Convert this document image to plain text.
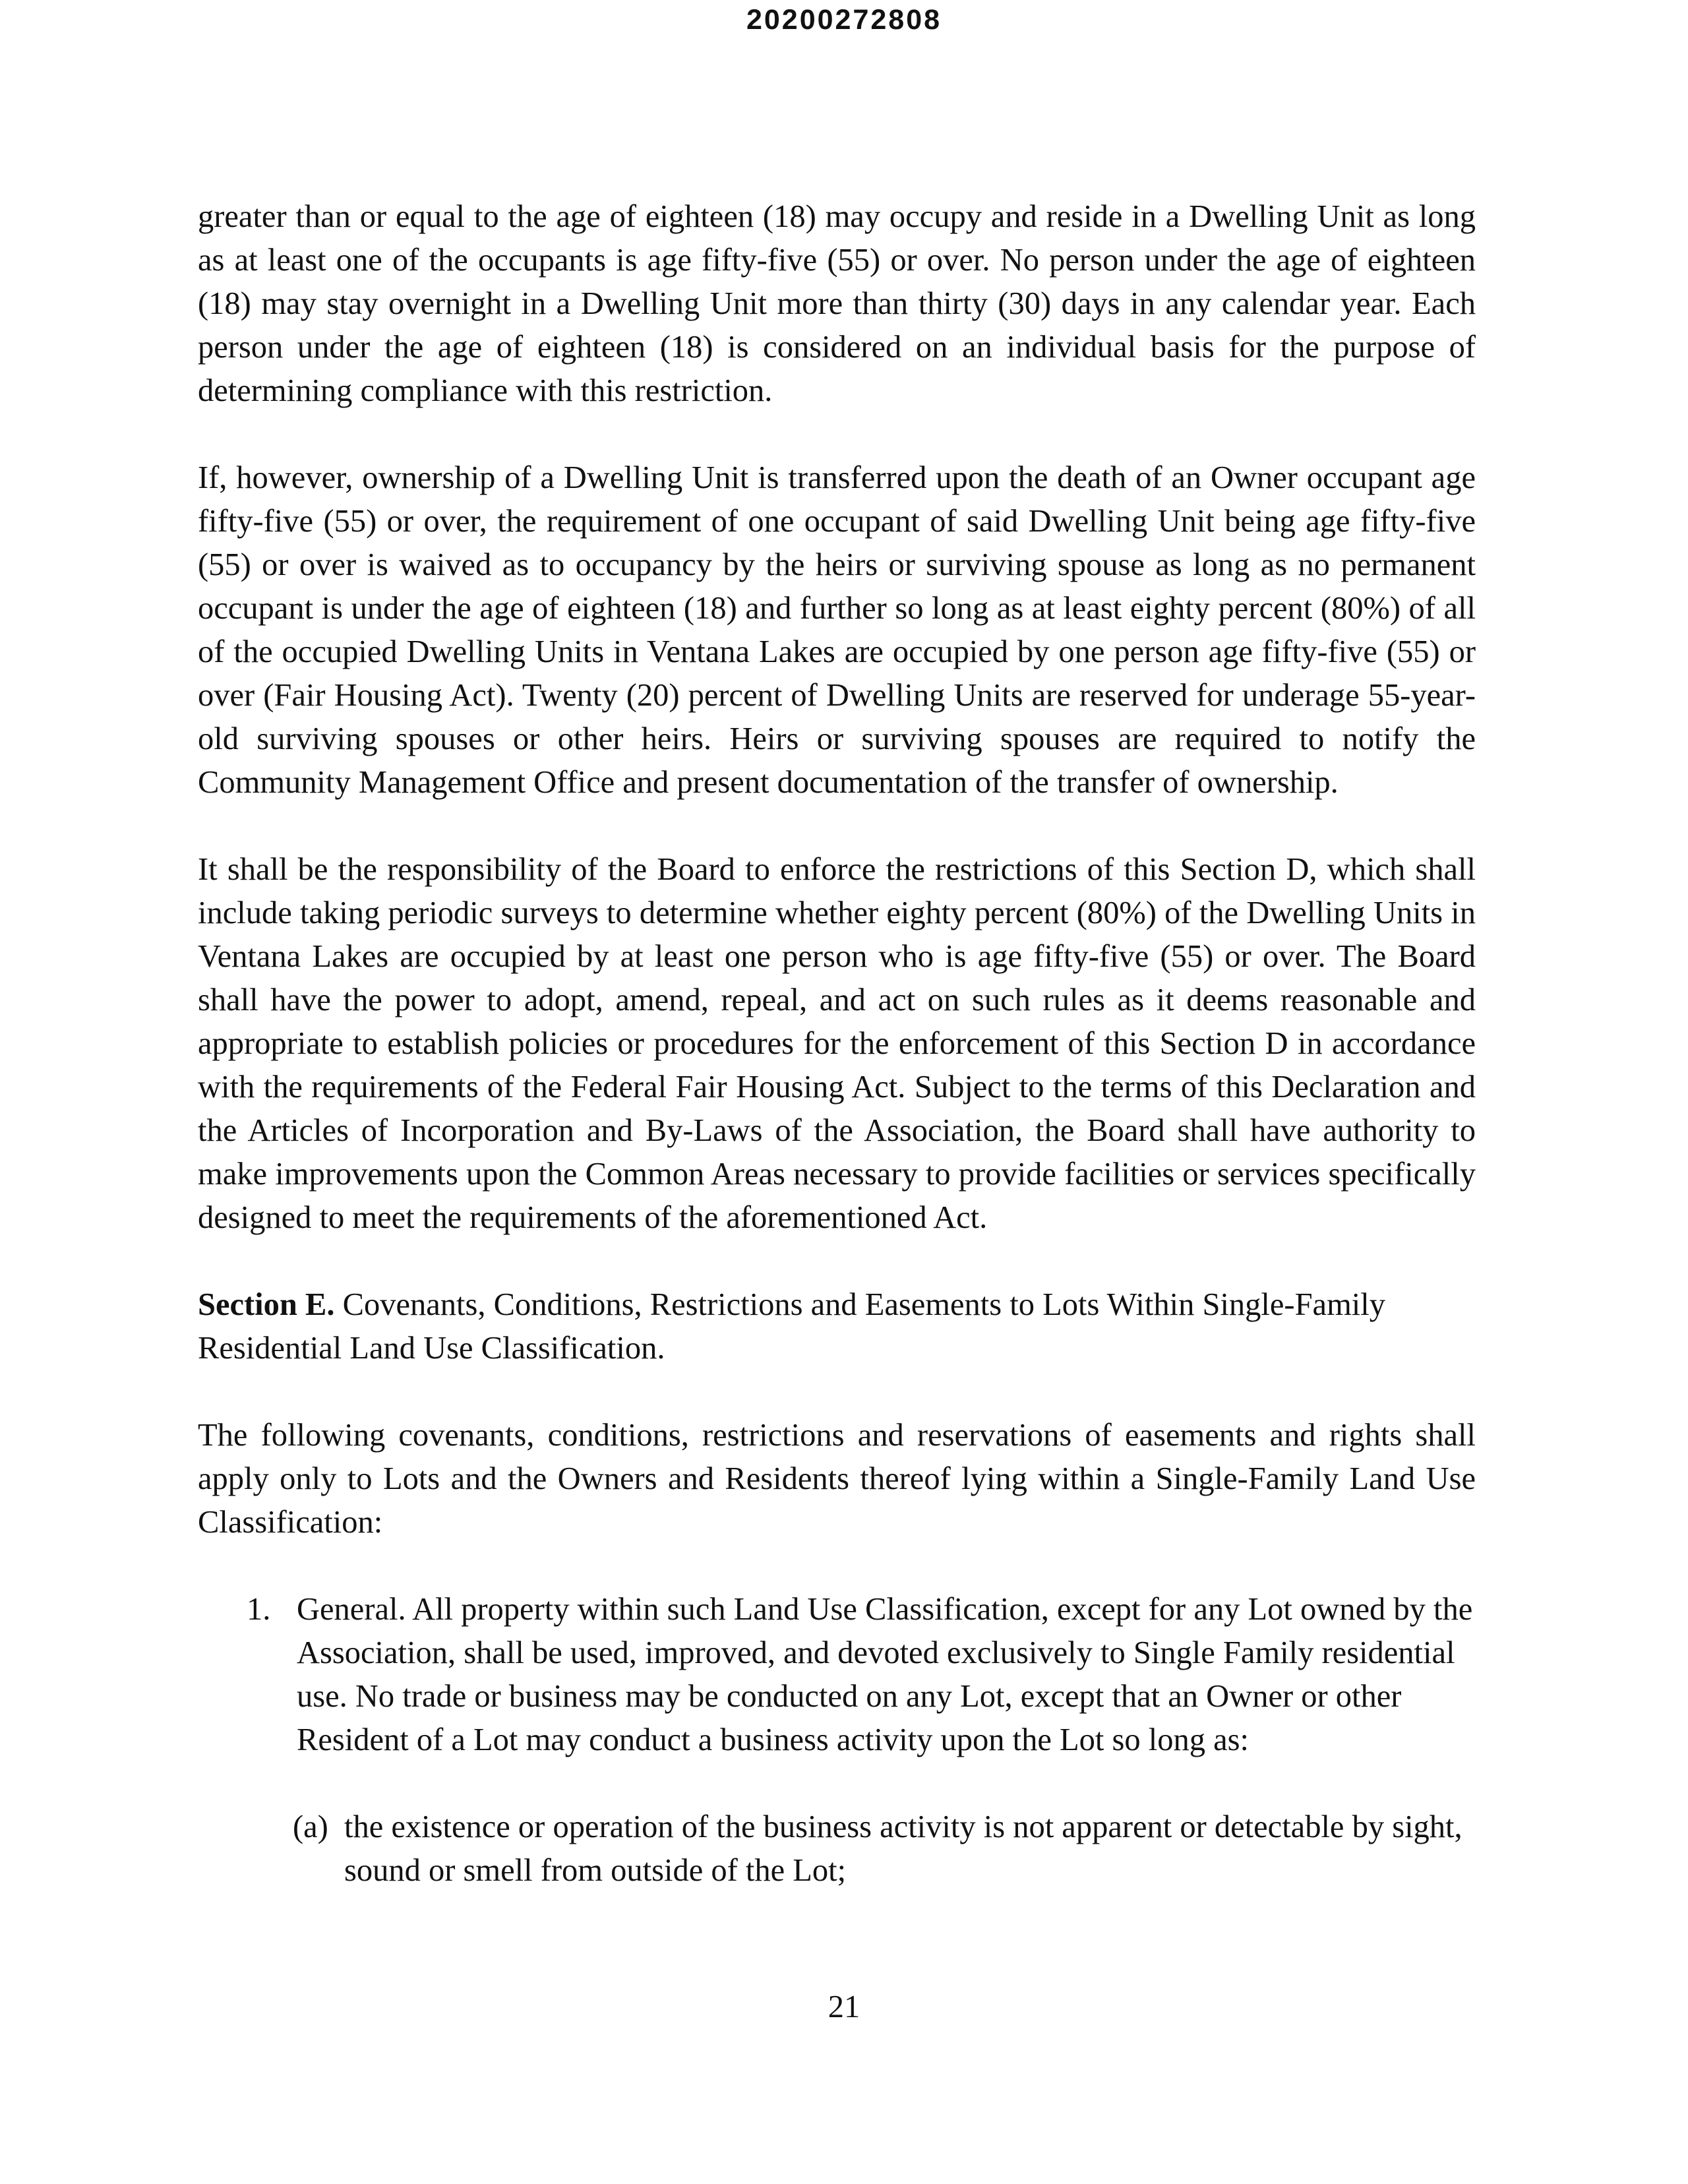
20200272808

greater than or equal to the age of eighteen (18) may occupy and reside in a Dwelling Unit as long as at least one of the occupants is age fifty-five (55) or over. No person under the age of eighteen (18) may stay overnight in a Dwelling Unit more than thirty (30) days in any calendar year. Each person under the age of eighteen (18) is considered on an individual basis for the purpose of determining compliance with this restriction.

If, however, ownership of a Dwelling Unit is transferred upon the death of an Owner occupant age fifty-five (55) or over, the requirement of one occupant of said Dwelling Unit being age fifty-five (55) or over is waived as to occupancy by the heirs or surviving spouse as long as no permanent occupant is under the age of eighteen (18) and further so long as at least eighty percent (80%) of all of the occupied Dwelling Units in Ventana Lakes are occupied by one person age fifty-five (55) or over (Fair Housing Act). Twenty (20) percent of Dwelling Units are reserved for underage 55-year-old surviving spouses or other heirs. Heirs or surviving spouses are required to notify the Community Management Office and present documentation of the transfer of ownership.

It shall be the responsibility of the Board to enforce the restrictions of this Section D, which shall include taking periodic surveys to determine whether eighty percent (80%) of the Dwelling Units in Ventana Lakes are occupied by at least one person who is age fifty-five (55) or over. The Board shall have the power to adopt, amend, repeal, and act on such rules as it deems reasonable and appropriate to establish policies or procedures for the enforcement of this Section D in accordance with the requirements of the Federal Fair Housing Act. Subject to the terms of this Declaration and the Articles of Incorporation and By-Laws of the Association, the Board shall have authority to make improvements upon the Common Areas necessary to provide facilities or services specifically designed to meet the requirements of the aforementioned Act.

Section E. Covenants, Conditions, Restrictions and Easements to Lots Within Single-Family Residential Land Use Classification.

The following covenants, conditions, restrictions and reservations of easements and rights shall apply only to Lots and the Owners and Residents thereof lying within a Single-Family Land Use Classification:

1. General. All property within such Land Use Classification, except for any Lot owned by the Association, shall be used, improved, and devoted exclusively to Single Family residential use. No trade or business may be conducted on any Lot, except that an Owner or other Resident of a Lot may conduct a business activity upon the Lot so long as:
(a) the existence or operation of the business activity is not apparent or detectable by sight, sound or smell from outside of the Lot;
21
